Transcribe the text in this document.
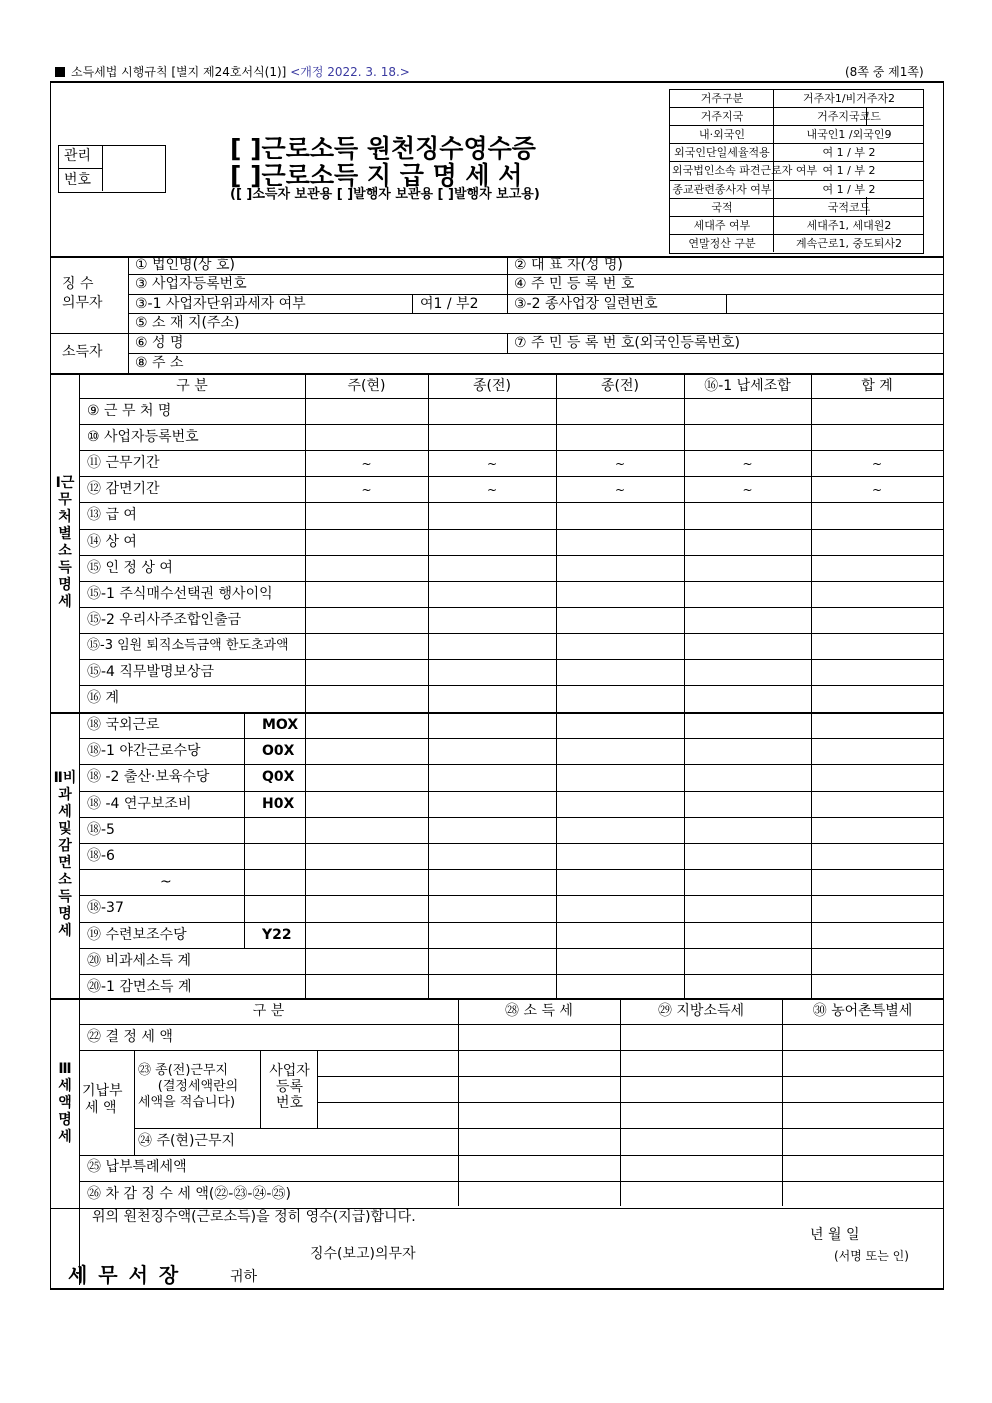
소득세법 시행규칙 [별지 제24호서식(1)] <개정 2022. 3. 18.>	(8쪽 중 제1쪽)
관리
번호
[ ]근로소득 원천징수영수증
[ ]근로소득 지 급 명 세 서
([ ]소득자 보관용 [ ]발행자 보관용 [ ]발행자 보고용)
거주구분	거주자1/비거주자2
거주지국	거주지국코드
내·외국인	내국인1 /외국인9
외국인단일세율적용	여 1 / 부 2
외국법인소속 파견근로자 여부 여 1 / 부 2
종교관련종사자 여부	여 1 / 부 2
국적	국적코드
세대주 여부	세대주1, 세대원2
연말정산 구분	계속근로1, 중도퇴사2
징 수
의무자
① 법인명(상 호)	② 대 표 자(성 명)
③ 사업자등록번호	④ 주 민 등 록 번 호
③-1 사업자단위과세자 여부	여1 / 부2	③-2 종사업장 일련번호
⑤ 소 재 지(주소)
소득자
⑥ 성 명	⑦ 주 민 등 록 번 호(외국인등록번호)
⑧ 주 소
구 분	주(현)	종(전)	종(전)	⑯-1 납세조합	합 계
⑨ 근 무 처 명
⑩ 사업자등록번호
⑪ 근무기간	~	~	~	~	~
⑫ 감면기간	~	~	~	~	~
⑬ 급 여
⑭ 상 여
⑮ 인 정 상 여
⑮-1 주식매수선택권 행사이익
⑮-2 우리사주조합인출금
⑮-3 임원 퇴직소득금액 한도초과액
⑮-4 직무발명보상금
⑯ 계
Ⅰ근무처별소득명세
⑱ 국외근로	MOX
⑱-1 야간근로수당	O0X
⑱ -2 출산·보육수당	Q0X
⑱ -4 연구보조비	H0X
⑱-5
⑱-6
~
⑱-37
⑲ 수련보조수당	Y22
⑳ 비과세소득 계
⑳-1 감면소득 계
Ⅱ비과세및감면소득명세
구 분	㉘ 소 득 세	㉙ 지방소득세	㉚ 농어촌특별세
㉒ 결 정 세 액
기납부
세 액
㉓ 종(전)근무지
(결정세액란의
세액을 적습니다)
사업자
등록
번호
㉔ 주(현)근무지
㉕ 납부특례세액
㉖ 차 감 징 수 세 액(㉒-㉓-㉔-㉕)
Ⅲ세액명세
위의 원천징수액(근로소득)을 정히 영수(지급)합니다.
년 월 일
징수(보고)의무자	(서명 또는 인)
세 무 서 장	귀하
